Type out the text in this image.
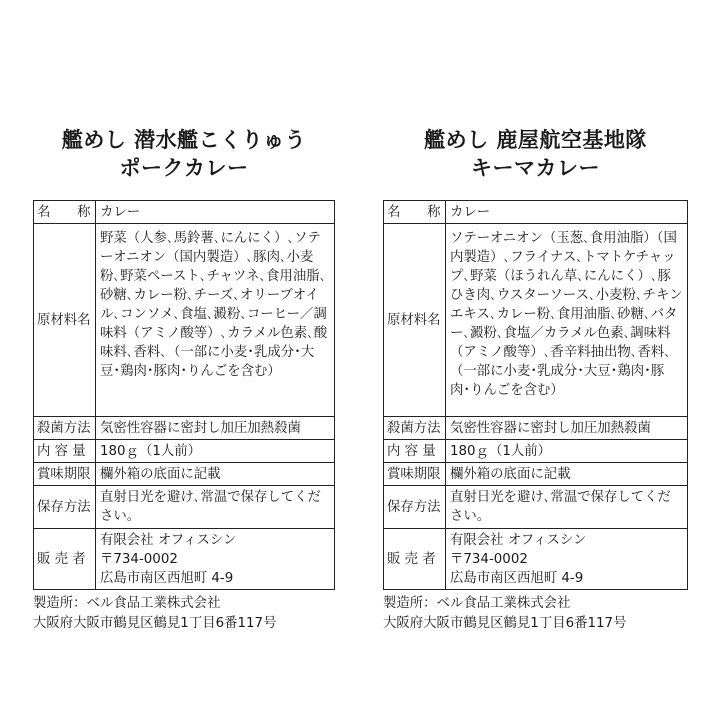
艦めし 潜水艦こくりゅう
ポークカレー
名　　称	カレー
原材料名	野菜（人参､馬鈴薯､にんにく）､ソテーオニオン（国内製造）､豚肉､小麦粉､野菜ペースト､チャツネ､食用油脂､砂糖､カレー粉､チーズ､オリーブオイル､コンソメ､食塩､澱粉､コーヒー／調味料（アミノ酸等）､カラメル色素､酸味料､香料､（一部に小麦･乳成分･大豆･鶏肉･豚肉･りんごを含む）
殺菌方法	気密性容器に密封し加圧加熱殺菌
内 容 量	180ｇ（1人前）
賞味期限	欄外箱の底面に記載
保存方法	直射日光を避け､常温で保存してください｡
販 売 者	有限会社 オフィスシン
〒734-0002
広島市南区西旭町 4-9
製造所：ベル食品工業株式会社
大阪府大阪市鶴見区鶴見1丁目6番117号
艦めし 鹿屋航空基地隊
キーマカレー
名　　称	カレー
原材料名	ソテーオニオン（玉葱､食用油脂）（国内製造）､フライナス､トマトケチャップ､野菜（ほうれん草､にんにく）､豚ひき肉､ウスターソース､小麦粉､チキンエキス､カレー粉､食用油脂､砂糖､バター､澱粉､食塩／カラメル色素､調味料（アミノ酸等）､香辛料抽出物､香料､（一部に小麦･乳成分･大豆･鶏肉･豚肉･りんごを含む）
殺菌方法	気密性容器に密封し加圧加熱殺菌
内 容 量	180ｇ（1人前）
賞味期限	欄外箱の底面に記載
保存方法	直射日光を避け､常温で保存してください｡
販 売 者	有限会社 オフィスシン
〒734-0002
広島市南区西旭町 4-9
製造所：ベル食品工業株式会社
大阪府大阪市鶴見区鶴見1丁目6番117号
